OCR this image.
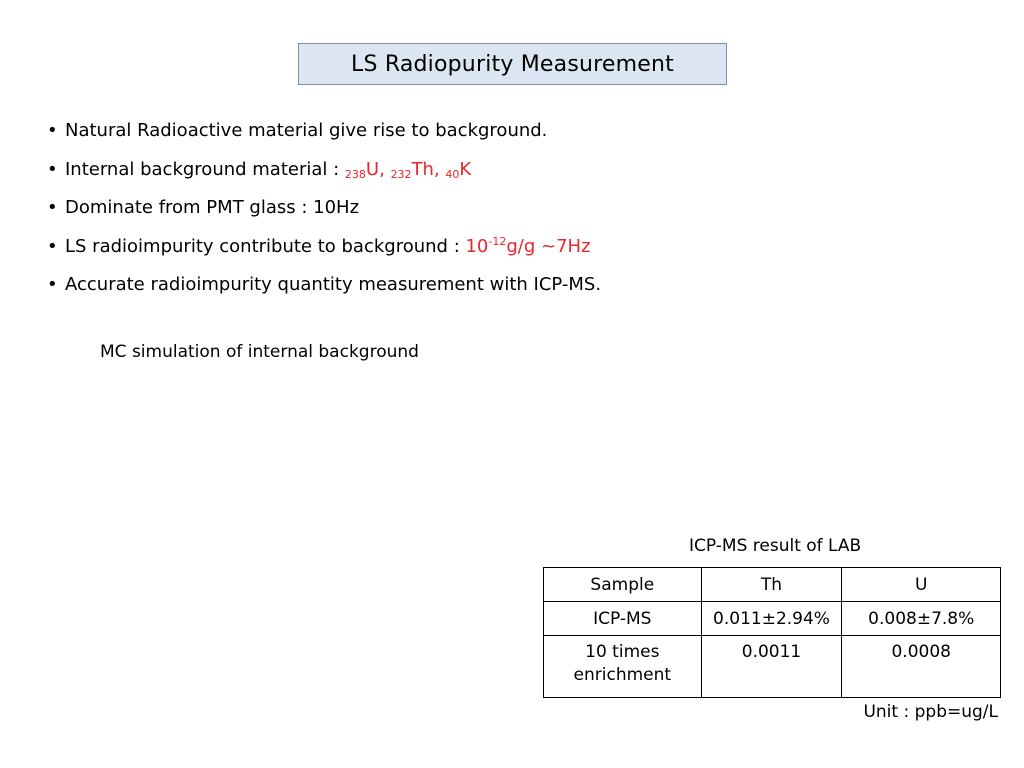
LS Radiopurity Measurement
• Natural Radioactive material give rise to background.
• Internal background material : $_{238}$U, $_{232}$Th, $_{40}$K
• Dominate from PMT glass : 10Hz
• LS radioimpurity contribute to background : $10^{-12}g/g$ ~7Hz
• Accurate radioimpurity quantity measurement with ICP-MS.
MC simulation of internal background
ICP-MS result of LAB
Sample	Th	U
ICP-MS	0.011±2.94%	0.008±7.8%
10 times enrichment	0.0011	0.0008
Unit : ppb=ug/L
